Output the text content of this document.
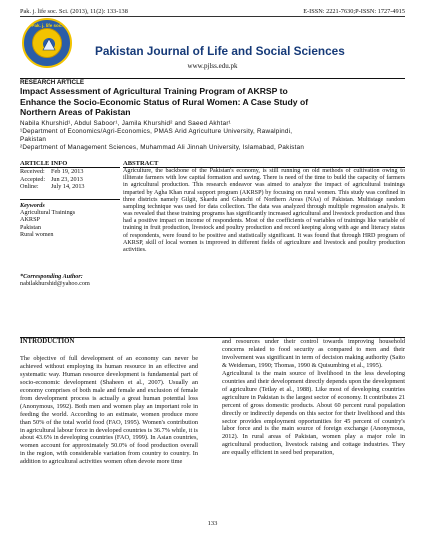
Pak. j. life soc. Sci. (2013), 11(2): 133-138	E-ISSN: 2221-7630;P-ISSN: 1727-4915
Pak. j. life soc.
Pakistan Journal of Life and Social Sciences
www.pjlss.edu.pk
RESEARCH ARTICLE
Impact Assessment of Agricultural Training Program of AKRSP to
Enhance the Socio-Economic Status of Rural Women: A Case Study of
Northern Areas of Pakistan
Nabila Khurshid¹, Abdul Saboor¹, Jamila Khurshid² and Saeed Akhtar¹
¹Department of Economics/Agri-Economics, PMAS Arid Agriculture University, Rawalpindi,
Pakistan
²Department of Management Sciences, Muhammad Ali Jinnah University, Islamabad, Pakistan
ARTICLE INFO
Received:	Feb 19, 2013
Accepted: Jun 23, 2013
Online:	July 14, 2013
Keywords
Agricultural Trainings
AKRSP
Pakistan
Rural women
*Corresponding Author:
nabilakhurshid@yahoo.com
ABSTRACT
Agriculture, the backbone of the Pakistan's economy, is still running on old methods of cultivation owing to illiterate farmers with low capital formation and saving. There is need of the time to build the capacity of farmers in agricultural production. This research endeavor was aimed to analyze the impact of agricultural trainings imparted by Agha Khan rural support program (AKRSP) by focusing on rural women. This study was confined in three districts namely Gilgit, Skardu and Ghanchi of Northern Areas (NAs) of Pakistan. Multistage random sampling technique was used for data collection. The data was analyzed through multiple regression analysis. It was revealed that these training programs has significantly increased agricultural and livestock production and thus had a positive impact on income of respondents. Most of the coefficients of variables of trainings like variable of training in fruit production, livestock and poultry production and record keeping along with age and literacy status of respondents, were found to be positive and statistically significant. It was found that through HRD program of AKRSP, skill of local women is improved in different fields of agriculture and livestock and poultry production activities.
INTRODUCTION
The objective of full development of an economy can never be achieved without employing its human resource in an effective and systematic way. Human resource development is fundamental part of socio-economic development (Shaheen et al., 2007). Usually an economy comprises of both male and female and exclusion of female from development process is actually a great human potential loss (Anonymous, 1992). Both men and women play an important role in feeding the world. According to an estimate, women produce more than 50% of the total world food (FAO, 1995). Women's contribution in agricultural labour force in developed countries is 36.7% while, it is about 43.6% in developing countries (FAO, 1999). In Asian countries, women account for approximately 50.0% of food production overall in the region, with considerable variation from country to country. In addition to agricultural activities women often devote more time
and resources under their control towards improving household concerns related to food security as compared to men and their involvement was significant in term of decision making authority (Saito & Weideman, 1990; Thomas, 1990 & Quisumbing et al., 1995).
Agricultural is the main source of livelihood in the less developing countries and their development directly depends upon the development of agriculture (Tetlay et al., 1988). Like most of developing countries agriculture in Pakistan is the largest sector of economy. It contributes 21 percent of gross domestic products. About 60 percent rural population directly or indirectly depends on this sector for their livelihood and this sector provides employment opportunities for 45 percent of country's labor force and is the main source of foreign exchange (Anonymous, 2012). In rural areas of Pakistan, women play a major role in agricultural production, livestock raising and cottage industries. They are equally efficient in seed bed preparation,
133
